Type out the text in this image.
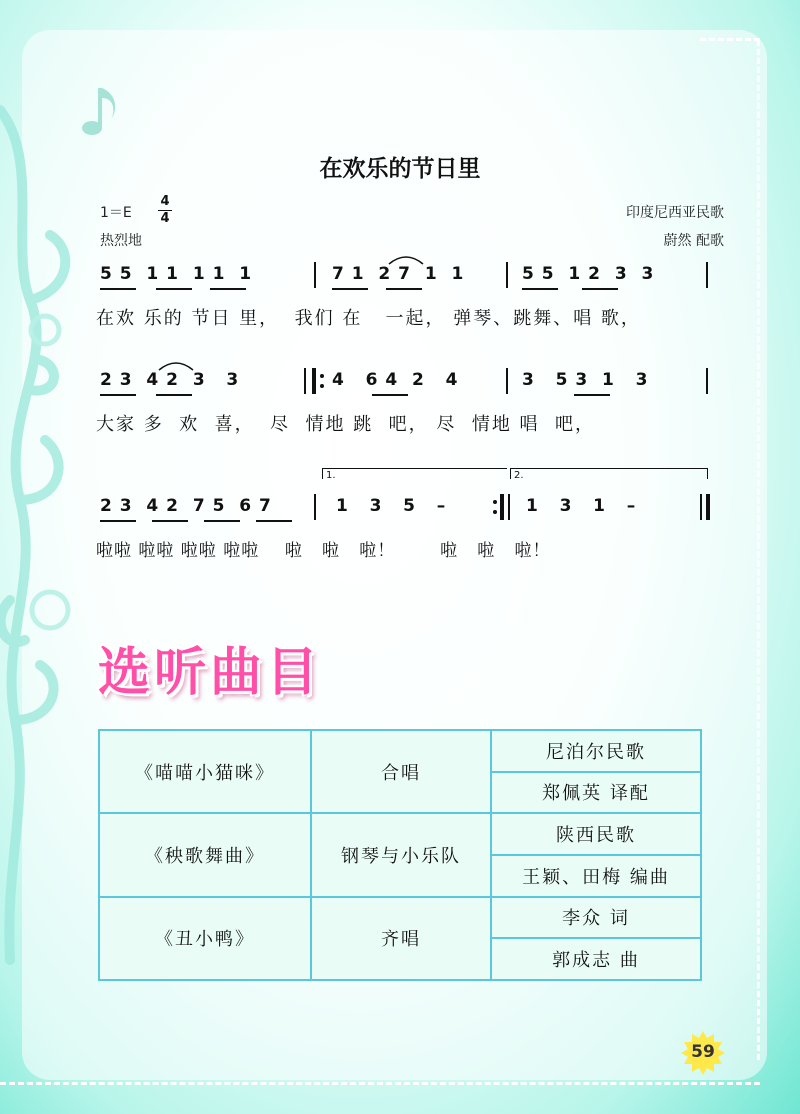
在欢乐的节日里
1＝E
4
4
热烈地
印度尼西亚民歌
蔚然 配歌
5 5  1 1  1 1  1	7 1  2 7  1  1	5 5  1 2  3  3
在欢 乐的 节日 里，  我们 在   一起， 弹琴、跳舞、唱 歌，
2 3  4 2  3   3	4   6 4  2   4	3   5 3  1   3
大家 多  欢  喜，  尽  情地 跳  吧， 尽  情地 唱  吧，
1.	2.
2 3  4 2  7 5  6 7	1   3   5   –	1   3   1   –
啦啦 啦啦 啦啦 啦啦    啦   啦   啦！       啦   啦   啦！
选听曲目
《喵喵小猫咪》	合唱	尼泊尔民歌
		郑佩英 译配
《秧歌舞曲》	钢琴与小乐队	陕西民歌
		王颖、田梅 编曲
《丑小鸭》	齐唱	李众 词
		郭成志 曲
59
